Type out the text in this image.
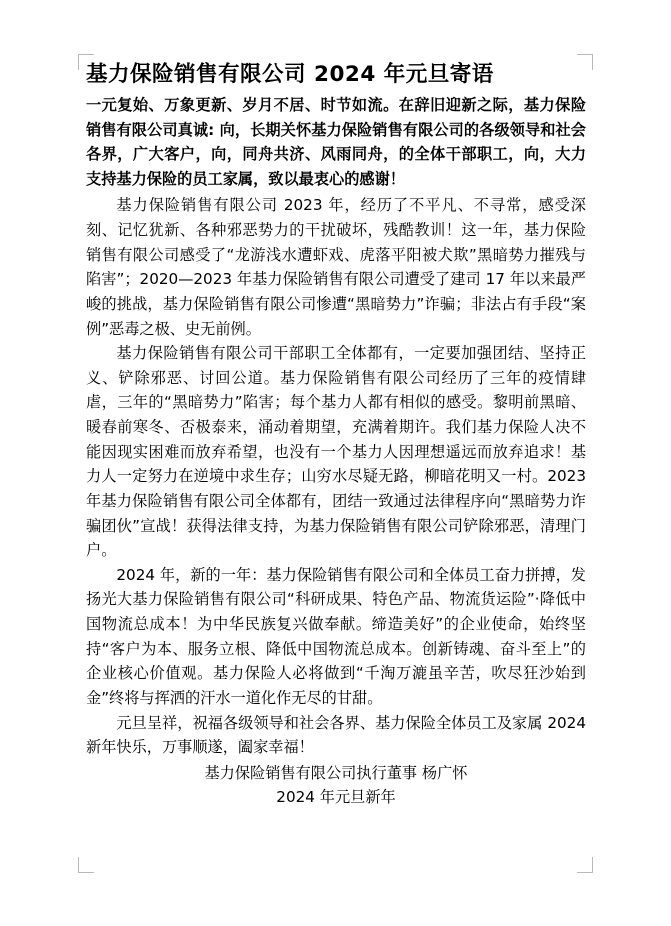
基力保险销售有限公司 2024 年元旦寄语
一元复始、万象更新、岁月不居、时节如流。在辞旧迎新之际，基力保险销售有限公司真诚: 向，长期关怀基力保险销售有限公司的各级领导和社会各界，广大客户，向，同舟共济、风雨同舟，的全体干部职工，向，大力支持基力保险的员工家属，致以最衷心的感谢！

基力保险销售有限公司 2023 年，经历了不平凡、不寻常，感受深刻、记忆犹新、各种邪恶势力的干扰破坏，残酷教训！这一年，基力保险销售有限公司感受了“龙游浅水遭虾戏、虎落平阳被犬欺”黑暗势力摧残与陷害”；2020—2023 年基力保险销售有限公司遭受了建司 17 年以来最严峻的挑战，基力保险销售有限公司惨遭“黑暗势力”诈骗；非法占有手段“案例”恶毒之极、史无前例。

基力保险销售有限公司干部职工全体都有，一定要加强团结、坚持正义、铲除邪恶、讨回公道。基力保险销售有限公司经历了三年的疫情肆虐，三年的“黑暗势力”陷害；每个基力人都有相似的感受。黎明前黑暗、暖春前寒冬、否极泰来，涌动着期望，充满着期许。我们基力保险人决不能因现实困难而放弃希望，也没有一个基力人因理想遥远而放弃追求！基力人一定努力在逆境中求生存；山穷水尽疑无路，柳暗花明又一村。2023 年基力保险销售有限公司全体都有，团结一致通过法律程序向“黑暗势力诈骗团伙”宣战！获得法律支持，为基力保险销售有限公司铲除邪恶，清理门户。

2024 年，新的一年：基力保险销售有限公司和全体员工奋力拼搏，发扬光大基力保险销售有限公司“科研成果、特色产品、物流货运险”·降低中国物流总成本！为中华民族复兴做奉献。缔造美好”的企业使命，始终坚持“客户为本、服务立根、降低中国物流总成本。创新铸魂、奋斗至上”的企业核心价值观。基力保险人必将做到“千淘万漉虽辛苦，吹尽狂沙始到金”终将与挥洒的汗水一道化作无尽的甘甜。

元旦呈祥，祝福各级领导和社会各界、基力保险全体员工及家属 2024 新年快乐，万事顺遂，阖家幸福！

基力保险销售有限公司执行董事 杨广怀

2024 年元旦新年
